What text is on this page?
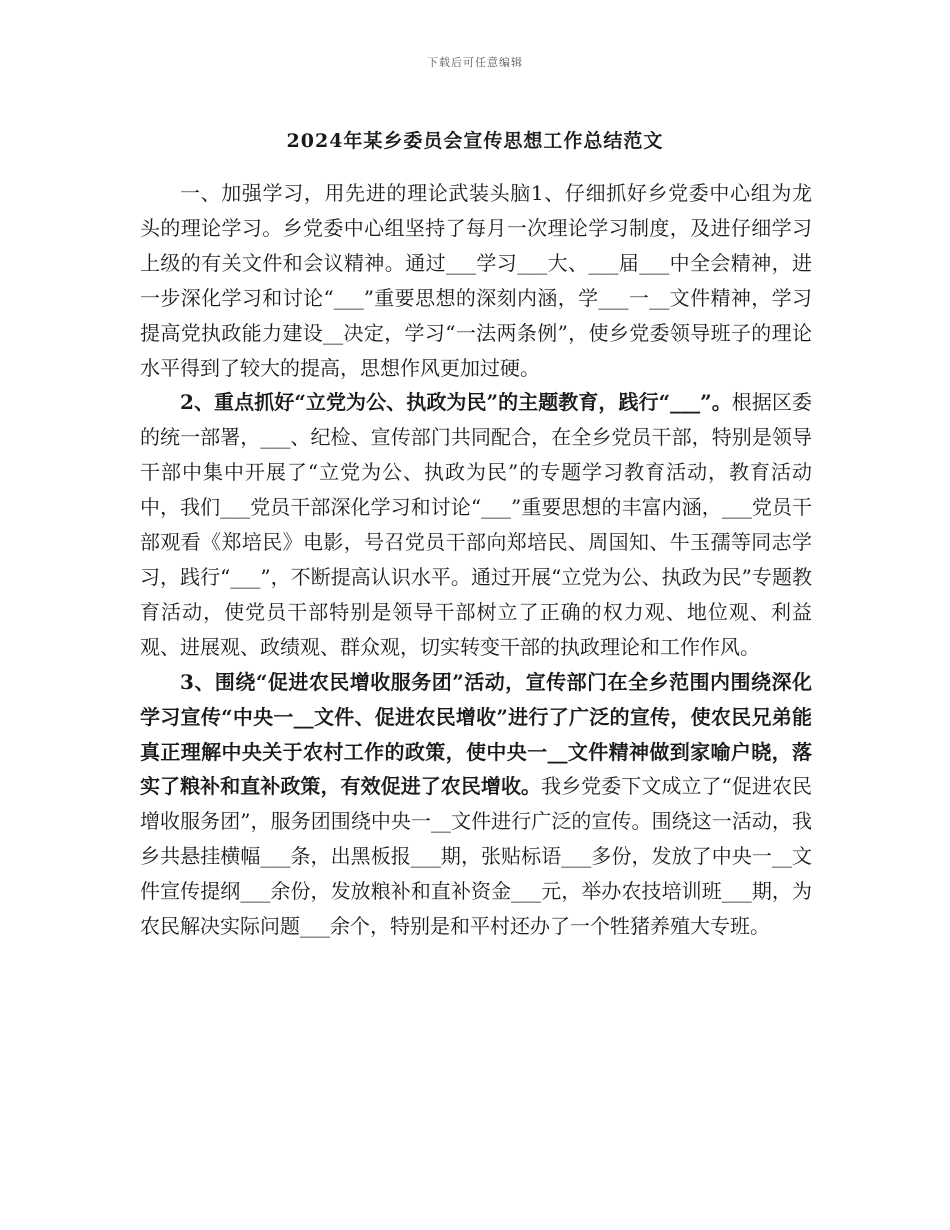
下载后可任意编辑
2024年某乡委员会宣传思想工作总结范文

一、加强学习，用先进的理论武装头脑1、仔细抓好乡党委中心组为龙头的理论学习。乡党委中心组坚持了每月一次理论学习制度，及进仔细学习上级的有关文件和会议精神。通过___学习___大、___届___中全会精神，进一步深化学习和讨论“___”重要思想的深刻内涵，学___一__文件精神，学习提高党执政能力建设__决定，学习“一法两条例”，使乡党委领导班子的理论水平得到了较大的提高，思想作风更加过硬。

2、重点抓好“立党为公、执政为民”的主题教育，践行“___”。根据区委的统一部署，___、纪检、宣传部门共同配合，在全乡党员干部，特别是领导干部中集中开展了“立党为公、执政为民”的专题学习教育活动，教育活动中，我们___党员干部深化学习和讨论“___”重要思想的丰富内涵，___党员干部观看《郑培民》电影，号召党员干部向郑培民、周国知、牛玉孺等同志学习，践行“___”，不断提高认识水平。通过开展“立党为公、执政为民”专题教育活动，使党员干部特别是领导干部树立了正确的权力观、地位观、利益观、进展观、政绩观、群众观，切实转变干部的执政理论和工作作风。

3、围绕“促进农民增收服务团”活动，宣传部门在全乡范围内围绕深化学习宣传“中央一__文件、促进农民增收”进行了广泛的宣传，使农民兄弟能真正理解中央关于农村工作的政策，使中央一__文件精神做到家喻户晓，落实了粮补和直补政策，有效促进了农民增收。我乡党委下文成立了“促进农民增收服务团”，服务团围绕中央一__文件进行广泛的宣传。围绕这一活动，我乡共悬挂横幅___条，出黑板报___期，张贴标语___多份，发放了中央一__文件宣传提纲___余份，发放粮补和直补资金___元，举办农技培训班___期，为农民解决实际问题___余个，特别是和平村还办了一个牲猪养殖大专班。
